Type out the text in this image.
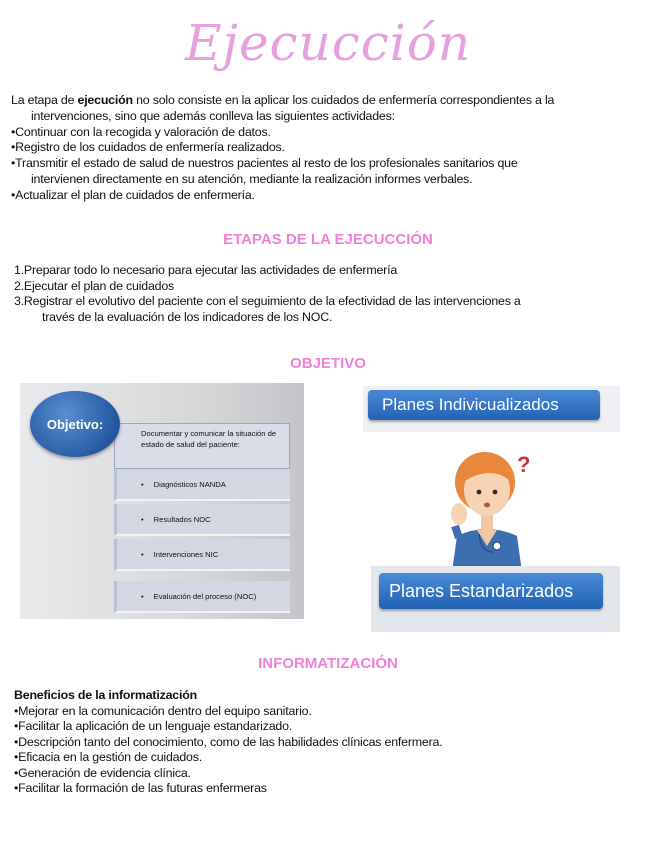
Ejecucción

La etapa de ejecución no solo consiste en la aplicar los cuidados de enfermería correspondientes a la

intervenciones, sino que además conlleva las siguientes actividades:

•Continuar con la recogida y valoración de datos.

•Registro de los cuidados de enfermería realizados.

•Transmitir el estado de salud de nuestros pacientes al resto de los profesionales sanitarios que

intervienen directamente en su atención, mediante la realización informes verbales.

•Actualizar el plan de cuidados de enfermería.

ETAPAS DE LA EJECUCCIÓN

1.Preparar todo lo necesario para ejecutar las actividades de enfermería

2.Ejecutar el plan de cuidados

3.Registrar el evolutivo del paciente con el seguimiento de la efectividad de las intervenciones a

través de la evaluación de los indicadores de los NOC.

OBJETIVO
Objetivo:
Documentar y comunicar la situación de estado de salud del paciente:
• Diagnósticos NANDA
• Resultados NOC
• Intervenciones NIC
• Evaluación del proceso (NOC)
Planes Indivicualizados
?
Planes Estandarizados
INFORMATIZACIÓN
Beneficios de la informatización
•Mejorar en la comunicación dentro del equipo sanitario.
•Facilitar la aplicación de un lenguaje estandarizado.
•Descripción tanto del conocimiento, como de las habilidades clínicas enfermera.
•Eficacia en la gestión de cuidados.
•Generación de evidencia clínica.
•Facilitar la formación de las futuras enfermeras
